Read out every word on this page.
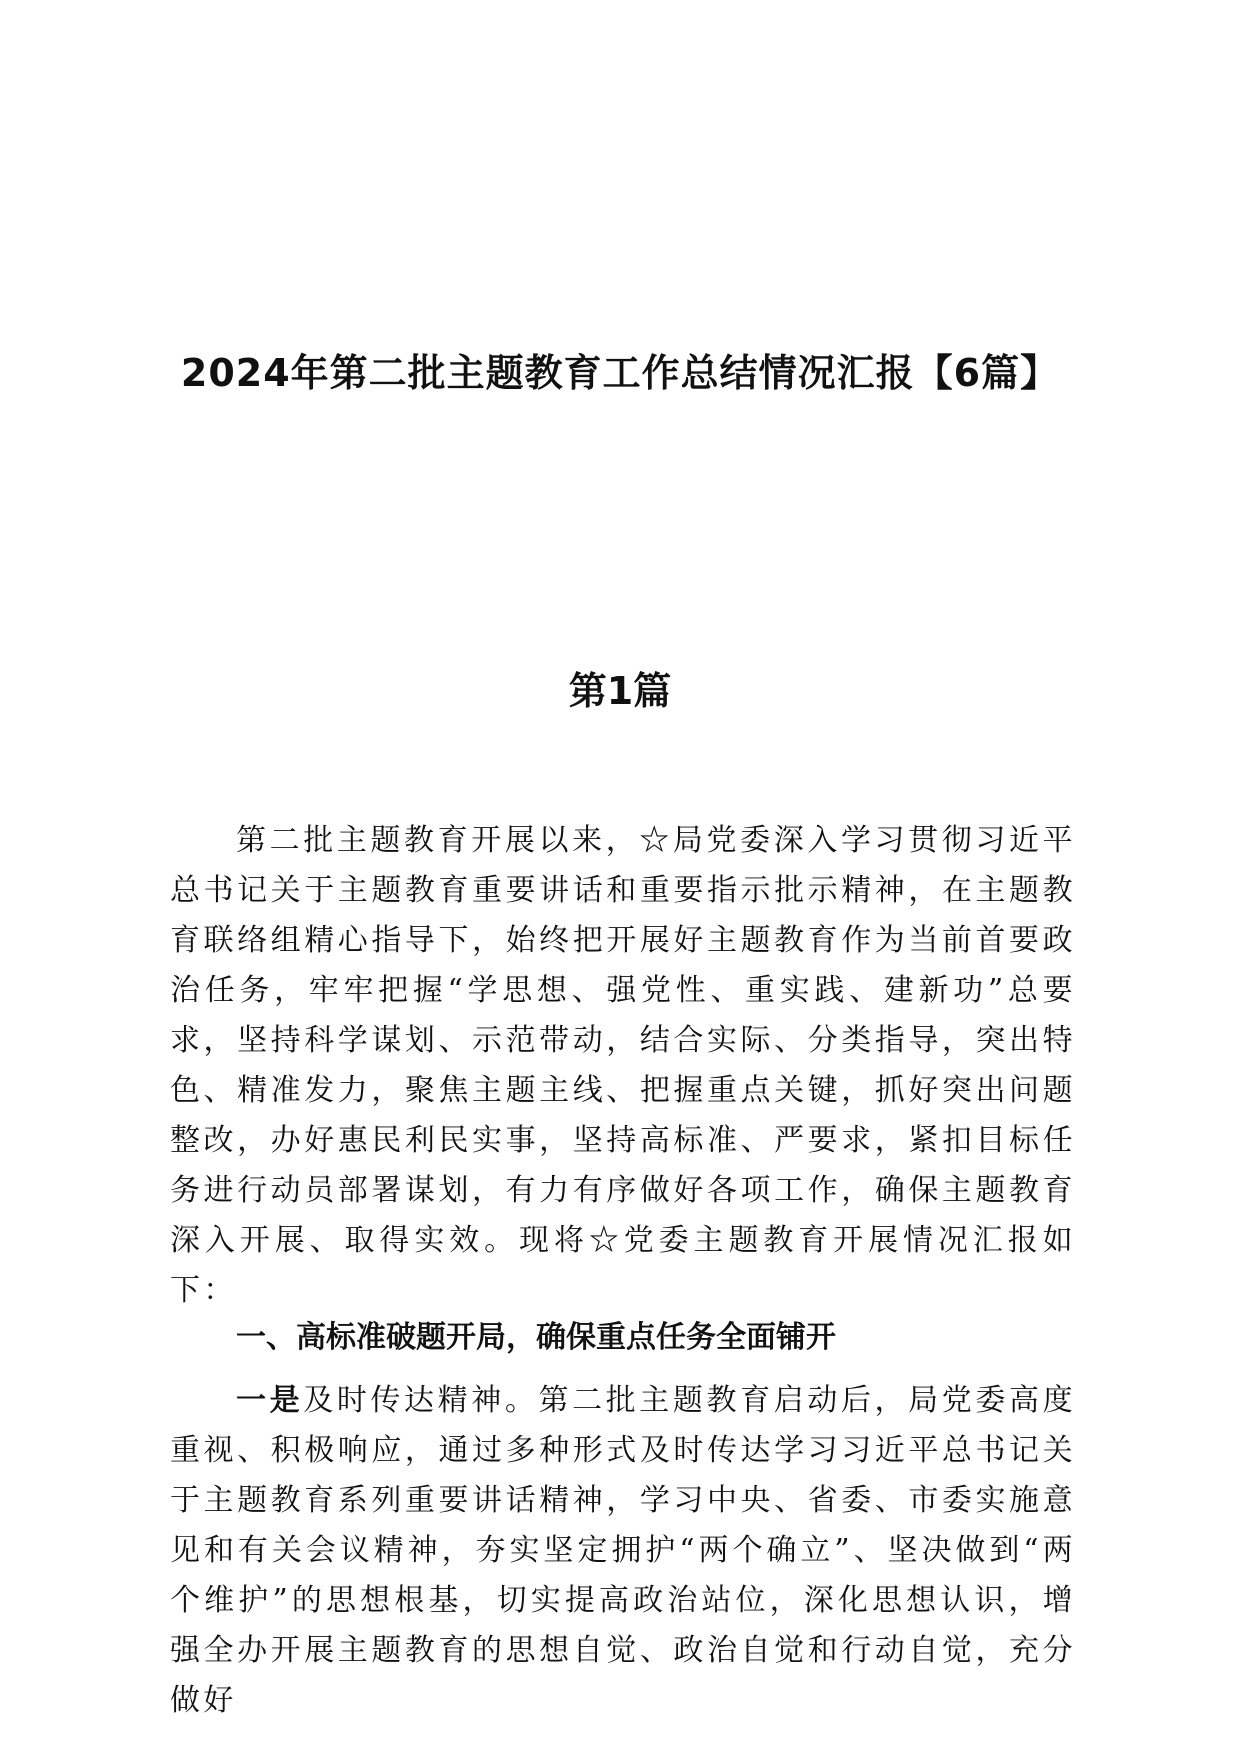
2024年第二批主题教育工作总结情况汇报【6篇】
第1篇

第二批主题教育开展以来，☆局党委深入学习贯彻习近平总书记关于主题教育重要讲话和重要指示批示精神，在主题教育联络组精心指导下，始终把开展好主题教育作为当前首要政治任务，牢牢把握“学思想、强党性、重实践、建新功”总要求，坚持科学谋划、示范带动，结合实际、分类指导，突出特色、精准发力，聚焦主题主线、把握重点关键，抓好突出问题整改，办好惠民利民实事，坚持高标准、严要求，紧扣目标任务进行动员部署谋划，有力有序做好各项工作，确保主题教育深入开展、取得实效。现将☆党委主题教育开展情况汇报如下：

一、高标准破题开局，确保重点任务全面铺开

一是及时传达精神。第二批主题教育启动后，局党委高度重视、积极响应，通过多种形式及时传达学习习近平总书记关于主题教育系列重要讲话精神，学习中央、省委、市委实施意见和有关会议精神，夯实坚定拥护“两个确立”、坚决做到“两个维护”的思想根基，切实提高政治站位，深化思想认识，增强全办开展主题教育的思想自觉、政治自觉和行动自觉，充分做好
